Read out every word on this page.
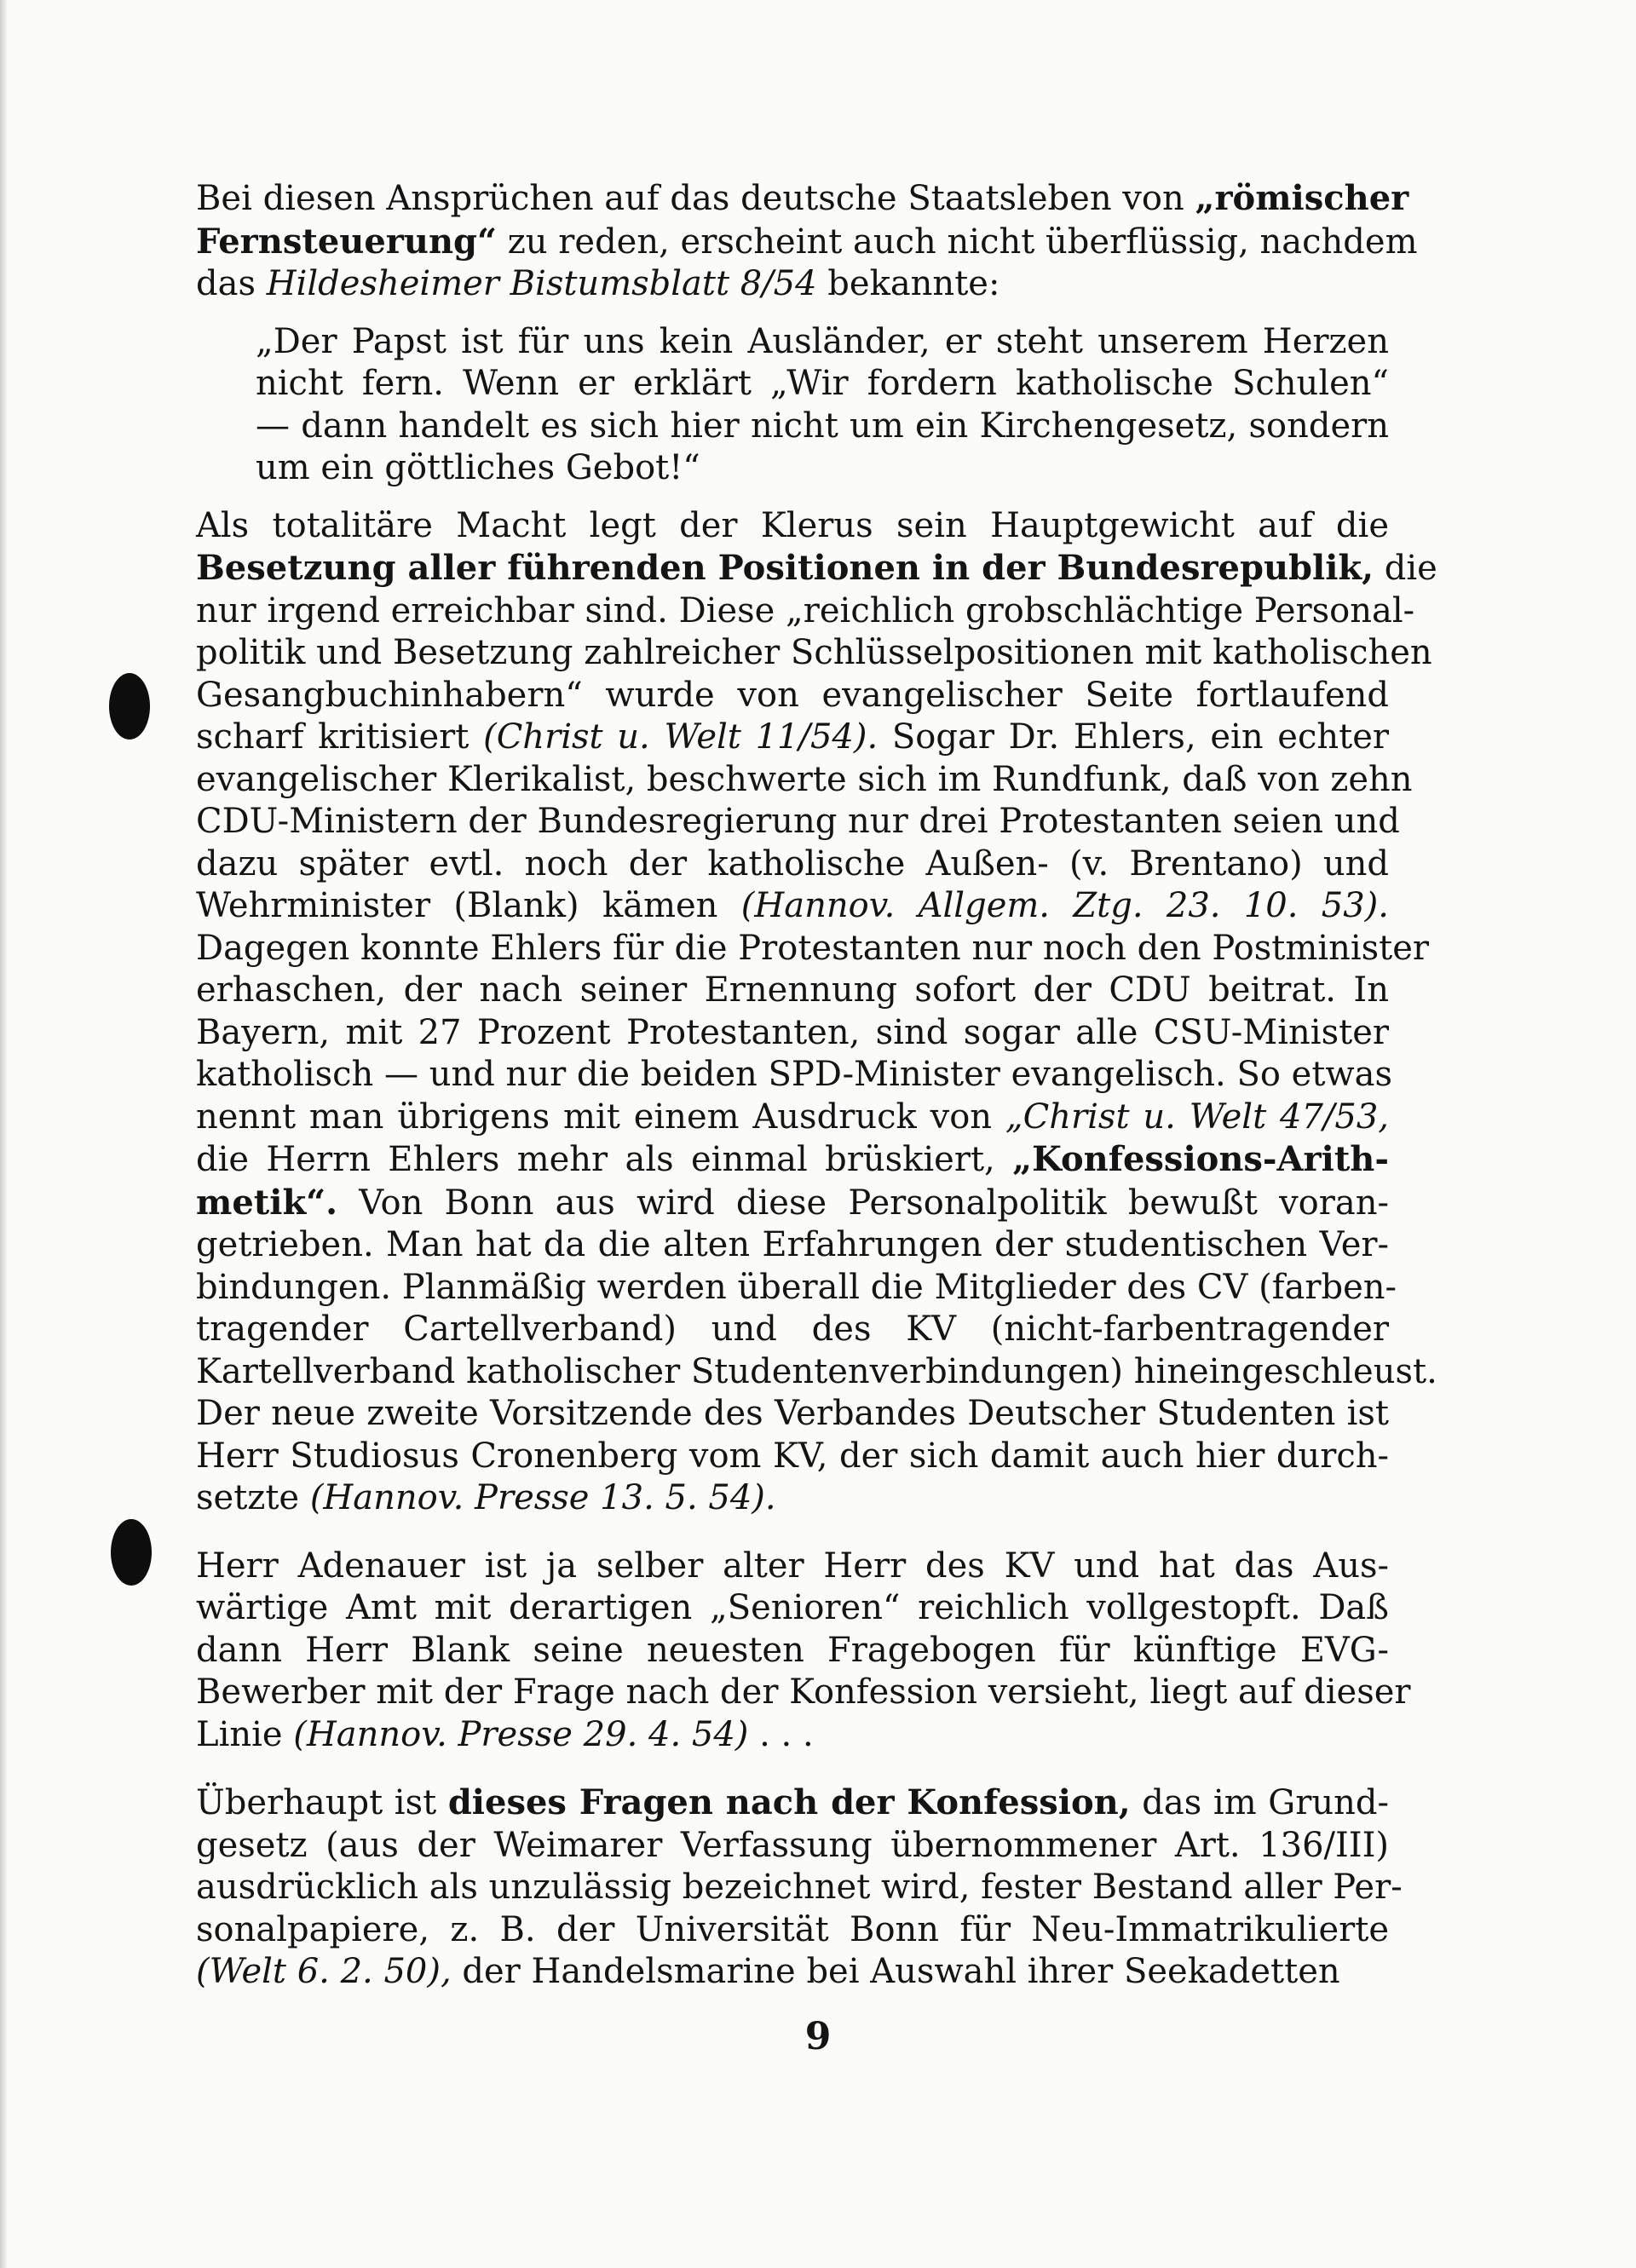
Bei diesen Ansprüchen auf das deutsche Staatsleben von „römischer
Fernsteuerung“ zu reden, erscheint auch nicht überflüssig, nachdem
das Hildesheimer Bistumsblatt 8/54 bekannte:
„Der Papst ist für uns kein Ausländer, er steht unserem Herzen
nicht fern. Wenn er erklärt „Wir fordern katholische Schulen“
— dann handelt es sich hier nicht um ein Kirchengesetz, sondern
um ein göttliches Gebot!“
Als totalitäre Macht legt der Klerus sein Hauptgewicht auf die
Besetzung aller führenden Positionen in der Bundesrepublik, die
nur irgend erreichbar sind. Diese „reichlich grobschlächtige Personal-
politik und Besetzung zahlreicher Schlüsselpositionen mit katholischen
Gesangbuchinhabern“ wurde von evangelischer Seite fortlaufend
scharf kritisiert (Christ u. Welt 11/54). Sogar Dr. Ehlers, ein echter
evangelischer Klerikalist, beschwerte sich im Rundfunk, daß von zehn
CDU-Ministern der Bundesregierung nur drei Protestanten seien und
dazu später evtl. noch der katholische Außen- (v. Brentano) und
Wehrminister (Blank) kämen (Hannov. Allgem. Ztg. 23. 10. 53).
Dagegen konnte Ehlers für die Protestanten nur noch den Postminister
erhaschen, der nach seiner Ernennung sofort der CDU beitrat. In
Bayern, mit 27 Prozent Protestanten, sind sogar alle CSU-Minister
katholisch — und nur die beiden SPD-Minister evangelisch. So etwas
nennt man übrigens mit einem Ausdruck von „Christ u. Welt 47/53,
die Herrn Ehlers mehr als einmal brüskiert, „Konfessions-Arith-
metik“. Von Bonn aus wird diese Personalpolitik bewußt voran-
getrieben. Man hat da die alten Erfahrungen der studentischen Ver-
bindungen. Planmäßig werden überall die Mitglieder des CV (farben-
tragender Cartellverband) und des KV (nicht-farbentragender
Kartellverband katholischer Studentenverbindungen) hineingeschleust.
Der neue zweite Vorsitzende des Verbandes Deutscher Studenten ist
Herr Studiosus Cronenberg vom KV, der sich damit auch hier durch-
setzte (Hannov. Presse 13. 5. 54).
Herr Adenauer ist ja selber alter Herr des KV und hat das Aus-
wärtige Amt mit derartigen „Senioren“ reichlich vollgestopft. Daß
dann Herr Blank seine neuesten Fragebogen für künftige EVG-
Bewerber mit der Frage nach der Konfession versieht, liegt auf dieser
Linie (Hannov. Presse 29. 4. 54) . . .
Überhaupt ist dieses Fragen nach der Konfession, das im Grund-
gesetz (aus der Weimarer Verfassung übernommener Art. 136/III)
ausdrücklich als unzulässig bezeichnet wird, fester Bestand aller Per-
sonalpapiere, z. B. der Universität Bonn für Neu-Immatrikulierte
(Welt 6. 2. 50), der Handelsmarine bei Auswahl ihrer Seekadetten
9
